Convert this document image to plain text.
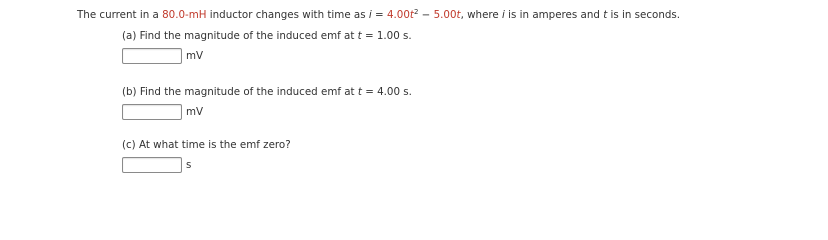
The current in a 80.0-mH inductor changes with time as $i = 4.00t^2 - 5.00t$, where i is in amperes and t is in seconds.
(a) Find the magnitude of the induced emf at t = 1.00 s.
mV
(b) Find the magnitude of the induced emf at t = 4.00 s.
mV
(c) At what time is the emf zero?
s
